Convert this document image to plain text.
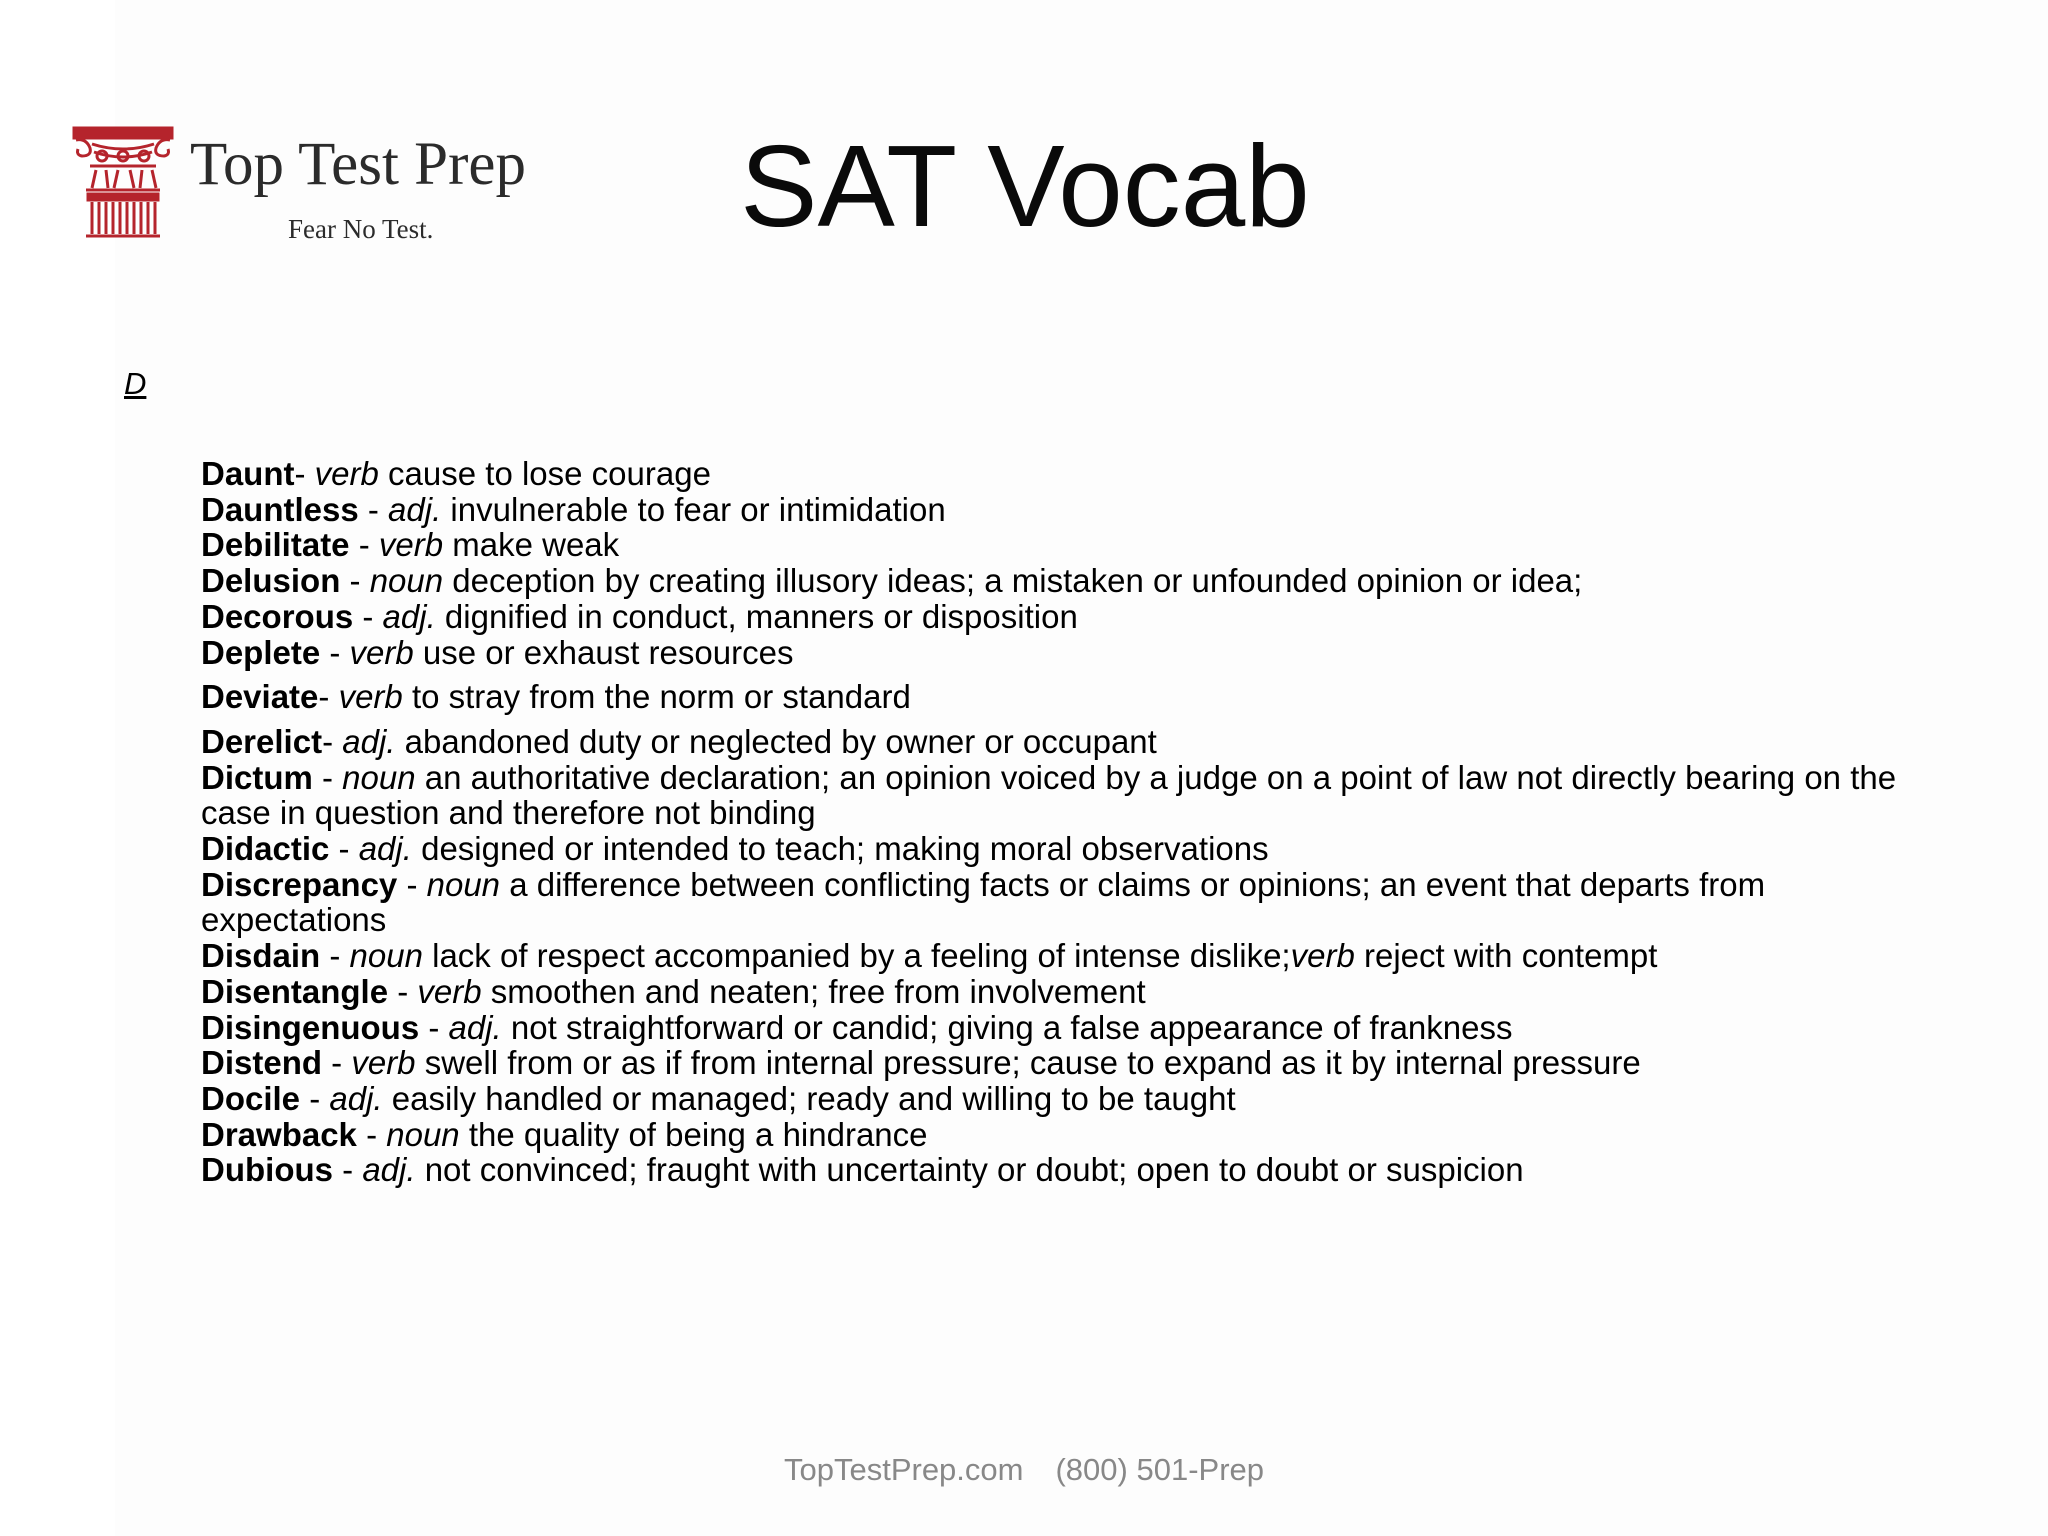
Top Test Prep
Fear No Test.	SAT Vocab
D

Daunt- verb cause to lose courage

Dauntless - adj. invulnerable to fear or intimidation

Debilitate - verb make weak

Delusion - noun deception by creating illusory ideas; a mistaken or unfounded opinion or idea;

Decorous - adj. dignified in conduct, manners or disposition

Deplete - verb use or exhaust resources

Deviate- verb to stray from the norm or standard

Derelict- adj. abandoned duty or neglected by owner or occupant

Dictum - noun an authoritative declaration; an opinion voiced by a judge on a point of law not directly bearing on the case in question and therefore not binding

Didactic - adj. designed or intended to teach; making moral observations

Discrepancy - noun a difference between conflicting facts or claims or opinions; an event that departs from expectations

Disdain - noun lack of respect accompanied by a feeling of intense dislike;verb reject with contempt

Disentangle - verb smoothen and neaten; free from involvement

Disingenuous - adj. not straightforward or candid; giving a false appearance of frankness

Distend - verb swell from or as if from internal pressure; cause to expand as it by internal pressure

Docile - adj. easily handled or managed; ready and willing to be taught

Drawback - noun the quality of being a hindrance

Dubious - adj. not convinced; fraught with uncertainty or doubt; open to doubt or suspicion

TopTestPrep.com (800) 501-Prep
